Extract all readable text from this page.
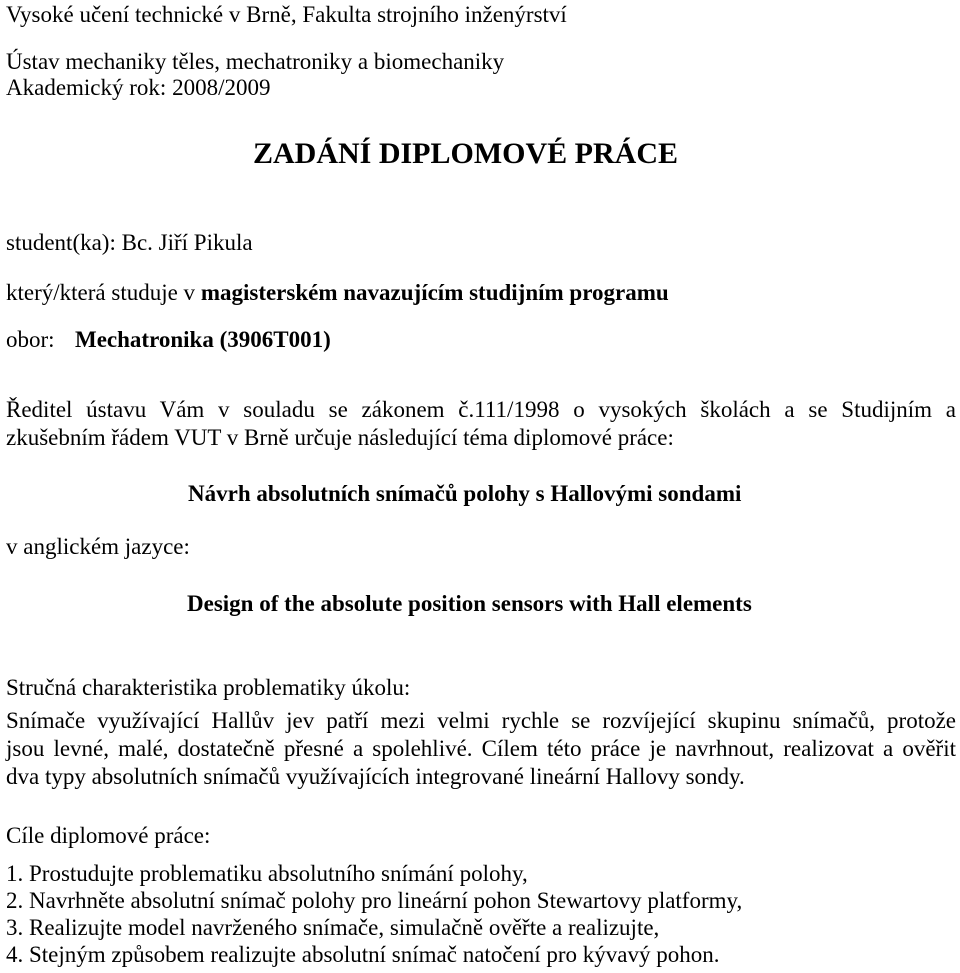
Vysoké učení technické v Brně, Fakulta strojního inženýrství

Ústav mechaniky těles, mechatroniky a biomechaniky

Akademický rok: 2008/2009

ZADÁNÍ DIPLOMOVÉ PRÁCE

student(ka): Bc. Jiří Pikula

který/která studuje v magisterském navazujícím studijním programu

obor: Mechatronika (3906T001)

Ředitel ústavu Vám v souladu se zákonem č.111/1998 o vysokých školách a se Studijním a

zkušebním řádem VUT v Brně určuje následující téma diplomové práce:

Návrh absolutních snímačů polohy s Hallovými sondami

v anglickém jazyce:

Design of the absolute position sensors with Hall elements

Stručná charakteristika problematiky úkolu:

Snímače využívající Hallův jev patří mezi velmi rychle se rozvíjející skupinu snímačů, protože

jsou levné, malé, dostatečně přesné a spolehlivé. Cílem této práce je navrhnout, realizovat a ověřit

dva typy absolutních snímačů využívajících integrované lineární Hallovy sondy.

Cíle diplomové práce:

1. Prostudujte problematiku absolutního snímání polohy,
2. Navrhněte absolutní snímač polohy pro lineární pohon Stewartovy platformy,
3. Realizujte model navrženého snímače, simulačně ověřte a realizujte,
4. Stejným způsobem realizujte absolutní snímač natočení pro kývavý pohon.
